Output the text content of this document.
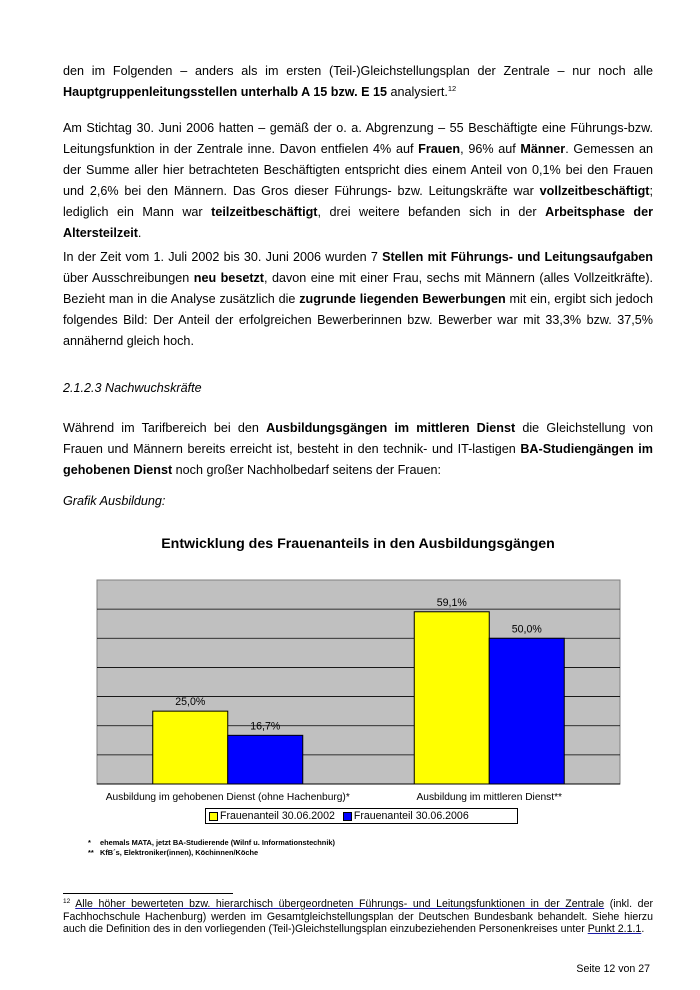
den im Folgenden – anders als im ersten (Teil-)Gleichstellungsplan der Zentrale – nur noch alle

Hauptgruppenleitungsstellen unterhalb A 15 bzw. E 15 analysiert.$^{12}$

Am Stichtag 30. Juni 2006 hatten – gemäß der o. a. Abgrenzung – 55 Beschäftigte eine Führungs-bzw. Leitungsfunktion in der Zentrale inne. Davon entfielen 4% auf Frauen, 96% auf Männer. Gemessen an der Summe aller hier betrachteten Beschäftigten entspricht dies einem Anteil von 0,1% bei den Frauen und 2,6% bei den Männern. Das Gros dieser Führungs- bzw. Leitungskräfte war vollzeitbeschäftigt; lediglich ein Mann war teilzeitbeschäftigt, drei weitere befanden sich in der Arbeitsphase der Altersteilzeit.

In der Zeit vom 1. Juli 2002 bis 30. Juni 2006 wurden 7 Stellen mit Führungs- und Leitungsaufgaben über Ausschreibungen neu besetzt, davon eine mit einer Frau, sechs mit Männern (alles Vollzeitkräfte). Bezieht man in die Analyse zusätzlich die zugrunde liegenden Bewerbungen mit ein, ergibt sich jedoch folgendes Bild: Der Anteil der erfolgreichen Bewerberinnen bzw. Bewerber war mit 33,3% bzw. 37,5% annähernd gleich hoch.

2.1.2.3 Nachwuchskräfte

Während im Tarifbereich bei den Ausbildungsgängen im mittleren Dienst die Gleichstellung von Frauen und Männern bereits erreicht ist, besteht in den technik- und IT-lastigen BA-Studiengängen im gehobenen Dienst noch großer Nachholbedarf seitens der Frauen:

Grafik Ausbildung:
Entwicklung des Frauenanteils in den Ausbildungsgängen
25,0%
16,7%
Ausbildung im gehobenen Dienst (ohne Hachenburg)*
59,1%
50,0%
Ausbildung im mittleren Dienst**
Frauenanteil 30.06.2002 Frauenanteil 30.06.2006
* ehemals MATA, jetzt BA-Studierende (Wilnf u. Informationstechnik)
** KfB´s, Elektroniker(innen), Köchinnen/Köche
$^{12}$ Alle höher bewerteten bzw. hierarchisch übergeordneten Führungs- und Leitungsfunktionen in der Zentrale (inkl. der Fachhochschule Hachenburg) werden im Gesamtgleichstellungsplan der Deutschen Bundesbank behandelt. Siehe hierzu auch die Definition des in den vorliegenden (Teil-)Gleichstellungsplan einzubeziehenden Personenkreises unter Punkt 2.1.1.
Seite 12 von 27
